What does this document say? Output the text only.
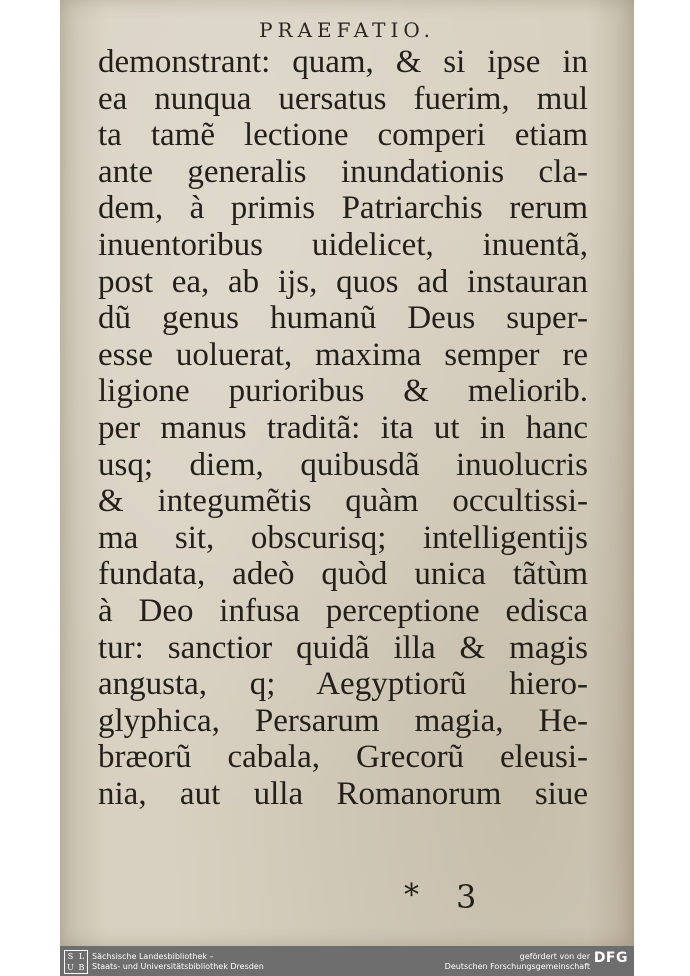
PRAEFATIO.
demonstrant: quam, & si ipse in
ea nunqua uersatus fuerim, mul
ta tamẽ lectione comperi etiam
ante generalis inundationis cla-
dem, à primis Patriarchis rerum
inuentoribus uidelicet, inuentã,
post ea, ab ijs, quos ad instauran
dũ genus humanũ Deus super-
esse uoluerat, maxima semper re
ligione purioribus & meliorib.
per manus traditã: ita ut in hanc
usq; diem, quibusdã inuolucris
& integumẽtis quàm occultissi-
ma sit, obscurisq; intelligentijs
fundata, adeò quòd unica tãtùm
à Deo infusa perceptione edisca
tur: sanctior quidã illa & magis
angusta, q; Aegyptiorũ hiero-
glyphica, Persarum magia, He-
bræorũ cabala, Grecorũ eleusi-
nia, aut ulla Romanorum siue
* 3
S L
U B
Sächsische Landesbibliothek –
Staats- und Universitätsbibliothek Dresden
gefördert von der
Deutschen Forschungsgemeinschaft
DFG
